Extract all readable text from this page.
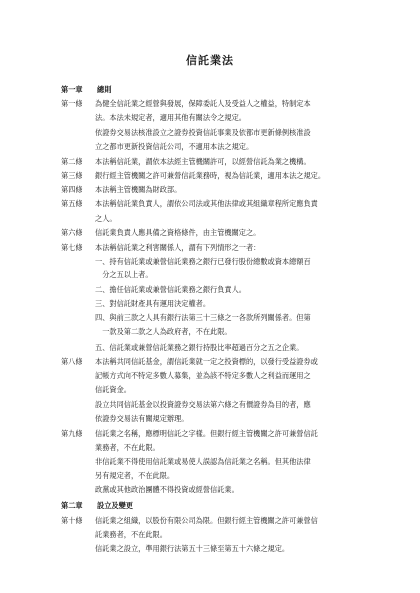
信託業法
第一章 總則
第一條 為健全信託業之經營與發展，保障委託人及受益人之權益，特制定本
法。本法未規定者，適用其他有關法令之規定。
依證券交易法核准設立之證券投資信託事業及依都市更新條例核准設
立之都市更新投資信託公司，不適用本法之規定。
第二條 本法稱信託業，謂依本法經主管機關許可，以經營信託為業之機構。
第三條 銀行經主管機關之許可兼營信託業務時，視為信託業，適用本法之規定。
第四條 本法稱主管機關為財政部。
第五條 本法稱信託業負責人，謂依公司法或其他法律或其組織章程所定應負責
之人。
第六條 信託業負責人應具備之資格條件，由主管機關定之。
第七條 本法稱信託業之利害關係人，謂有下列情形之一者：
一、持有信託業或兼營信託業務之銀行已發行股份總數或資本總額百
　分之五以上者。
二、擔任信託業或兼營信託業務之銀行負責人。
三、對信託財產具有運用決定權者。
四、與前三款之人具有銀行法第三十三條之一各款所列關係者。但第
　一款及第二款之人為政府者，不在此限。
五、信託業或兼營信託業務之銀行持股比率超過百分之五之企業。
第八條 本法稱共同信託基金，謂信託業就一定之投資標的，以發行受益證券或
記帳方式向不特定多數人募集，並為該不特定多數人之利益而運用之
信託資金。
設立共同信託基金以投資證券交易法第六條之有價證券為目的者，應
依證券交易法有關規定辦理。
第九條 信託業之名稱，應標明信託之字樣。但銀行經主管機關之許可兼營信託
業務者，不在此限。
非信託業不得使用信託業或易使人誤認為信託業之名稱。但其他法律
另有規定者，不在此限。
政黨或其他政治團體不得投資或經營信託業。
第二章 設立及變更
第十條 信託業之組織，以股份有限公司為限。但銀行經主管機關之許可兼營信
託業務者，不在此限。
信託業之設立，準用銀行法第五十三條至第五十六條之規定。
